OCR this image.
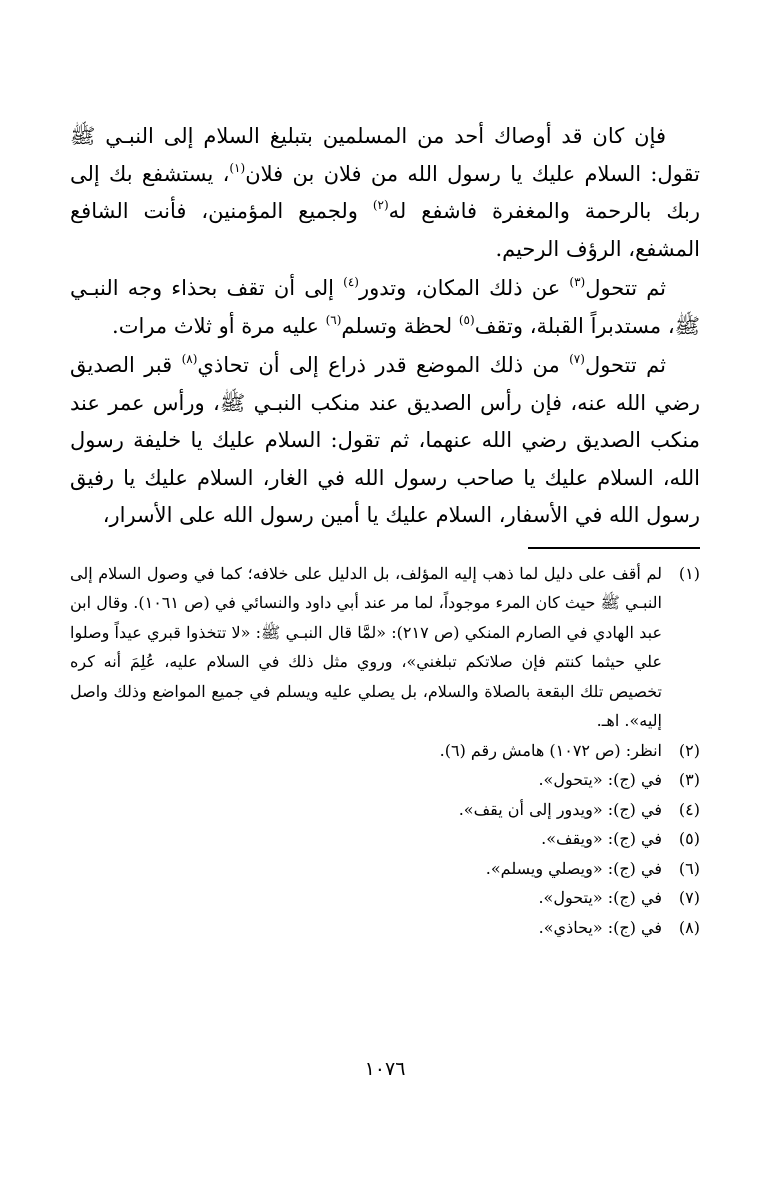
فإن كان قد أوصاك أحد من المسلمين بتبليغ السلام إلى النبـي ﷺ تقول: السلام عليك يا رسول الله من فلان بن فلان$^{(١)}$، يستشفع بك إلى ربك بالرحمة والمغفرة فاشفع له$^{(٢)}$ ولجميع المؤمنين، فأنت الشافع المشفع، الرؤف الرحيم.

ثم تتحول$^{(٣)}$ عن ذلك المكان، وتدور$^{(٤)}$ إلى أن تقف بحذاء وجه النبـي ﷺ، مستدبراً القبلة، وتقف$^{(٥)}$ لحظة وتسلم$^{(٦)}$ عليه مرة أو ثلاث مرات.

ثم تتحول$^{(٧)}$ من ذلك الموضع قدر ذراع إلى أن تحاذي$^{(٨)}$ قبر الصديق رضي الله عنه، فإن رأس الصديق عند منكب النبـي ﷺ، ورأس عمر عند منكب الصديق رضي الله عنهما، ثم تقول: السلام عليك يا خليفة رسول الله، السلام عليك يا صاحب رسول الله في الغار، السلام عليك يا رفيق رسول الله في الأسفار، السلام عليك يا أمين رسول الله على الأسرار،

(١)
لم أقف على دليل لما ذهب إليه المؤلف، بل الدليل على خلافه؛ كما في وصول السلام إلى النبـي ﷺ حيث كان المرء موجوداً، لما مر عند أبي داود والنسائي في (ص ١٠٦١). وقال ابن عبد الهادي في الصارم المنكي (ص ٢١٧): «لمَّا قال النبـي ﷺ: «لا تتخذوا قبري عيداً وصلوا علي حيثما كنتم فإن صلاتكم تبلغني»، وروي مثل ذلك في السلام عليه، عُلِمَ أنه كره تخصيص تلك البقعة بالصلاة والسلام، بل يصلي عليه ويسلم في جميع المواضع وذلك واصل إليه». اهـ.
(٢)
انظر: (ص ١٠٧٢) هامش رقم (٦).
(٣)
في (ج): «يتحول».
(٤)
في (ج): «ويدور إلى أن يقف».
(٥)
في (ج): «ويقف».
(٦)
في (ج): «ويصلي ويسلم».
(٧)
في (ج): «يتحول».
(٨)
في (ج): «يحاذي».
١٠٧٦
